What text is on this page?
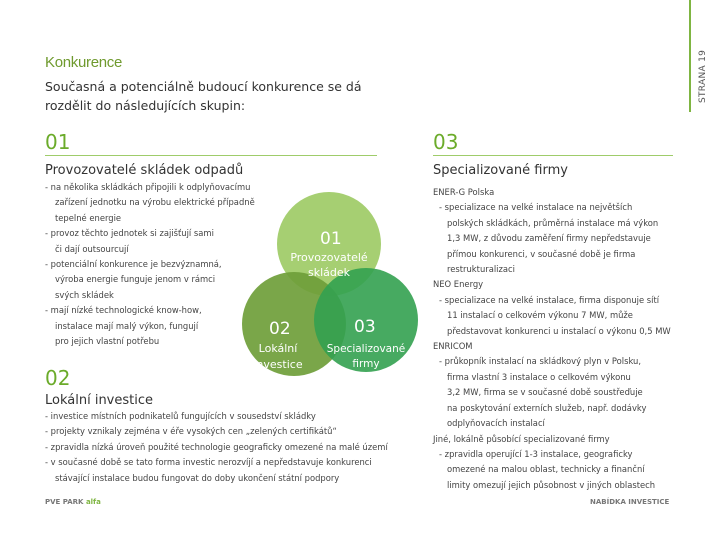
Konkurence
Současná a potenciálně budoucí konkurence se dá rozdělit do následujících skupin:
STRANA 19
01
Provozovatelé skládek odpadů
- na několika skládkách připojili k odplyňovacímu
zařízení jednotku na výrobu elektrické případně
tepelné energie
- provoz těchto jednotek si zajišťují sami
či dají outsourcují
- potenciální konkurence je bezvýznamná,
výroba energie funguje jenom v rámci
svých skládek
- mají nízké technologické know-how,
instalace mají malý výkon, fungují
pro jejich vlastní potřebu
02
Lokální investice
- investice místních podnikatelů fungujících v sousedství skládky
- projekty vznikaly zejména v éře vysokých cen „zelených certifikátů“
- zpravidla nízká úroveň použité technologie geograficky omezené na malé území
- v současné době se tato forma investic nerozvíjí a nepředstavuje konkurenci
stávající instalace budou fungovat do doby ukončení státní podpory
03
Specializované firmy
ENER-G Polska
- specializace na velké instalace na největších
polských skládkách, průměrná instalace má výkon
1,3 MW, z důvodu zaměření firmy nepředstavuje
přímou konkurenci, v současné době je firma
restrukturalizaci
NEO Energy
- specializace na velké instalace, firma disponuje sítí
11 instalací o celkovém výkonu 7 MW, může
představovat konkurenci u instalací o výkonu 0,5 MW
ENRICOM
- průkopník instalací na skládkový plyn v Polsku,
firma vlastní 3 instalace o celkovém výkonu
3,2 MW, firma se v současné době soustřeďuje
na poskytování externích služeb, např. dodávky
odplyňovacích instalací
Jiné, lokálně působící specializované firmy
- zpravidla operující 1-3 instalace, geograficky
omezené na malou oblast, technicky a finanční
limity omezují jejich působnost v jiných oblastech
01
Provozovatelé
skládek
02
Lokální
investice
03
Specializované
firmy
PVE PARK alfa	NABÍDKA INVESTICE
